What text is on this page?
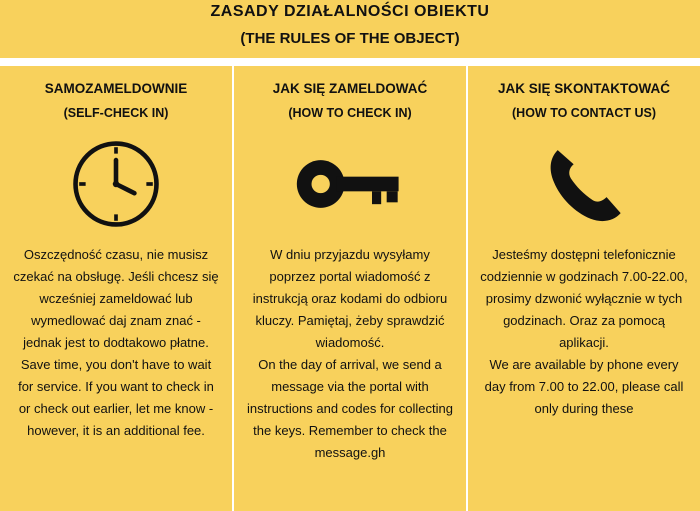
ZASADY DZIAŁALNOŚCI OBIEKTU
(THE RULES OF THE OBJECT)
SAMOZAMELDOWNIE
(SELF-CHECK IN)

Oszczędność czasu, nie musisz czekać na obsługę. Jeśli chcesz się wcześniej zameldować lub wymedlować daj znam znać - jednak jest to dodtakowo płatne.

Save time, you don't have to wait for service. If you want to check in or check out earlier, let me know - however, it is an additional fee.

JAK SIĘ ZAMELDOWAĆ
(HOW TO CHECK IN)

W dniu przyjazdu wysyłamy poprzez portal wiadomość z instrukcją oraz kodami do odbioru kluczy. Pamiętaj, żeby sprawdzić wiadomość.

On the day of arrival, we send a message via the portal with instructions and codes for collecting the keys. Remember to check the message.gh

JAK SIĘ SKONTAKTOWAĆ
(HOW TO CONTACT US)

Jesteśmy dostępni telefonicznie codziennie w godzinach 7.00-22.00, prosimy dzwonić wyłącznie w tych godzinach. Oraz za pomocą aplikacji.

We are available by phone every day from 7.00 to 22.00, please call only during these
